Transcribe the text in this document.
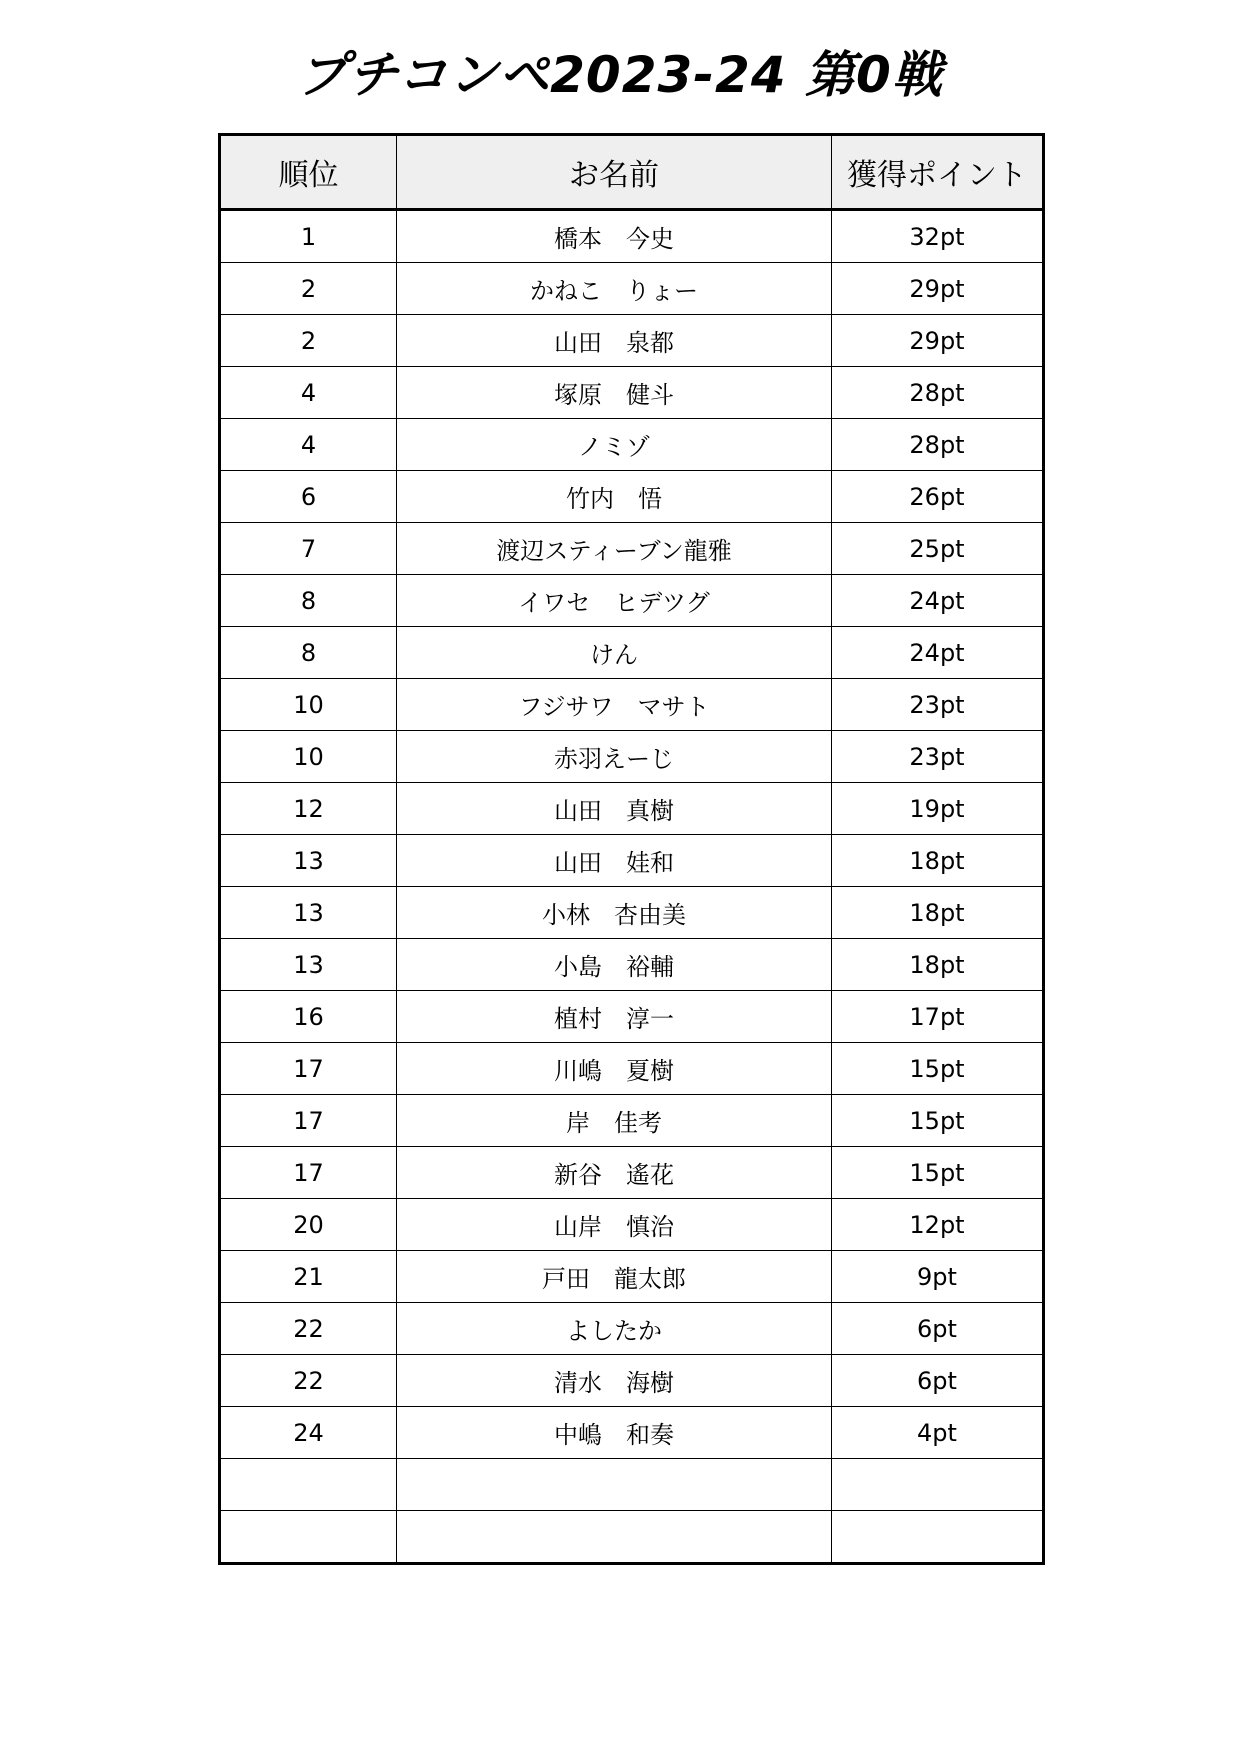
プチコンペ2023-24 第0戦
順位	お名前	獲得ポイント
1	橋本　今史	32pt
2	かねこ　りょー	29pt
2	山田　泉都	29pt
4	塚原　健斗	28pt
4	ノミゾ	28pt
6	竹内　悟	26pt
7	渡辺スティーブン龍雅	25pt
8	イワセ　ヒデツグ	24pt
8	けん	24pt
10	フジサワ　マサト	23pt
10	赤羽えーじ	23pt
12	山田　真樹	19pt
13	山田　娃和	18pt
13	小林　杏由美	18pt
13	小島　裕輔	18pt
16	植村　淳一	17pt
17	川嶋　夏樹	15pt
17	岸　佳考	15pt
17	新谷　遙花	15pt
20	山岸　慎治	12pt
21	戸田　龍太郎	9pt
22	よしたか	6pt
22	清水　海樹	6pt
24	中嶋　和奏	4pt
